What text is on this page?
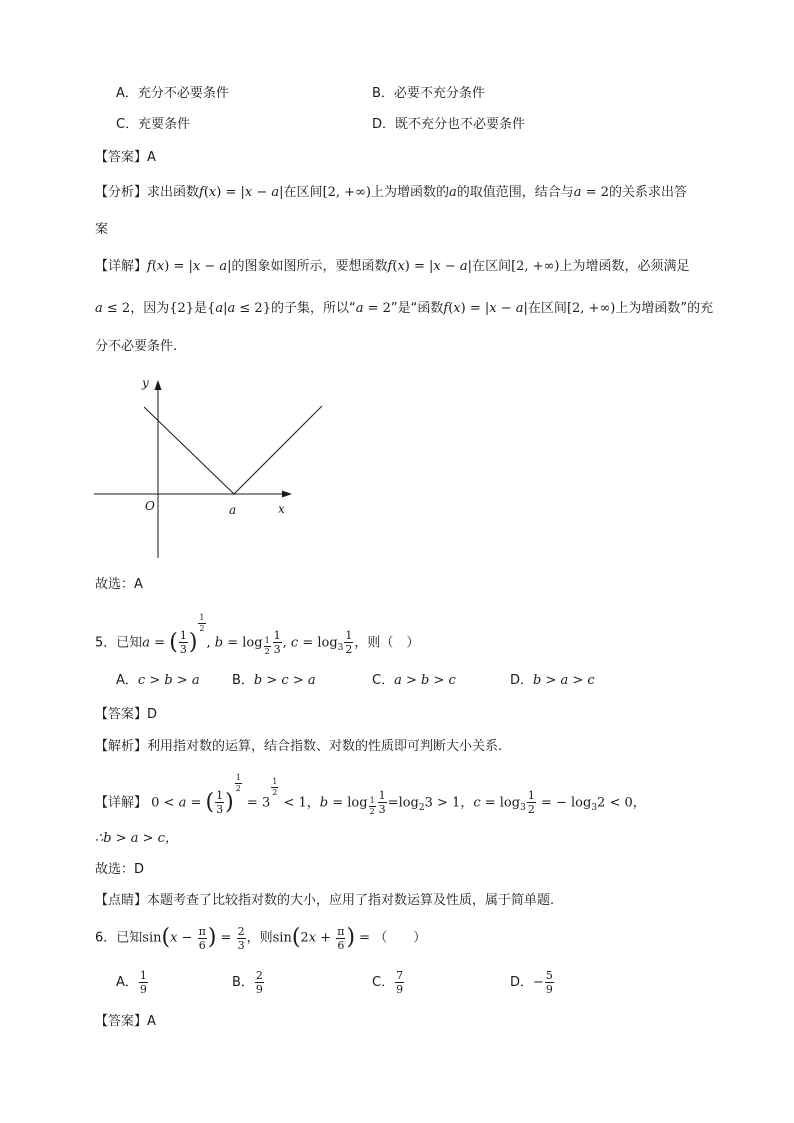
A．充分不必要条件	B．必要不充分条件
C．充要条件	D．既不充分也不必要条件
【答案】A
【分析】求出函数f(x) = |x − a|在区间[2, +∞)上为增函数的a的取值范围，结合与a = 2的关系求出答
案
【详解】f(x) = |x − a|的图象如图所示，要想函数f(x) = |x − a|在区间[2, +∞)上为增函数，必须满足
a ≤ 2，因为{2}是{a|a ≤ 2}的子集，所以“a = 2”是“函数f(x) = |x − a|在区间[2, +∞)上为增函数”的充
分不必要条件.
y
O	a	x
故选：A
5．已知a = ( $\frac{1}{3}$ )
$^{\frac{1}{2}}$
, $b = \log _{\frac{1}{2}} \frac{1}{3}$ , $c = \log_3 \frac{1}{2}$ ，则（　）
A．c > b > a B．b > c > a	C．a > b > c	D．b > a > c
【答案】D
【解析】利用指对数的运算，结合指数、对数的性质即可判断大小关系.
【详解】 0 < a = ( $\frac{1}{3}$ )
$^{\frac{1}{2}}$
= 3
$^{\frac{1}{2}}$
< 1，$b = \log _{\frac{1}{2}} \frac{1}{3} =\log_23 > 1$，$c = \log_3 \frac{1}{2}$ = − $\log_32 < 0$，
∴b > a > c，
故选：D
【点睛】本题考查了比较指对数的大小，应用了指对数运算及性质，属于简单题.
6．已知$\sin(x - \frac{\pi}{6}$ ) = $\frac{2}{3}$ ，则$\sin(2x + \frac{\pi}{6}$ ) = （　　）
A． $\frac{1}{9}$	B． $\frac{2}{9}$	C． $\frac{7}{9}$	D．− $\frac{5}{9}$
【答案】A
